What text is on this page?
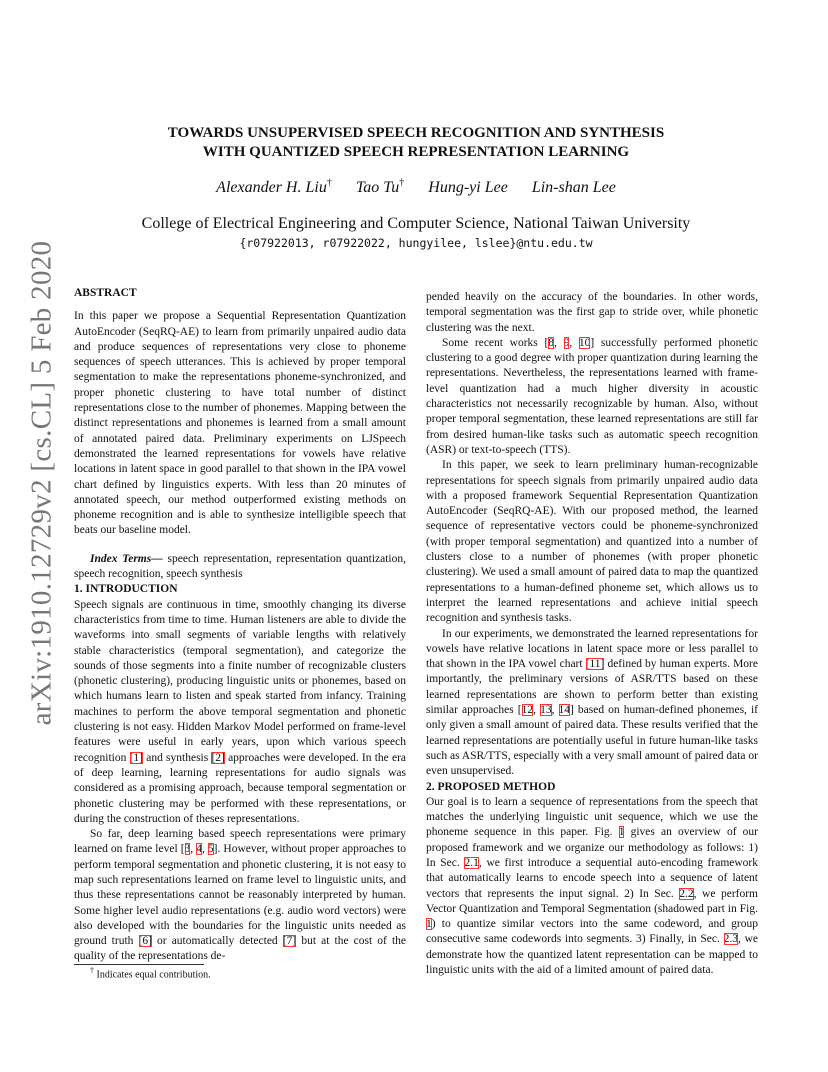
arXiv:1910.12729v2 [cs.CL] 5 Feb 2020
TOWARDS UNSUPERVISED SPEECH RECOGNITION AND SYNTHESIS
WITH QUANTIZED SPEECH REPRESENTATION LEARNING
Alexander H. Liu† Tao Tu† Hung-yi Lee Lin-shan Lee
College of Electrical Engineering and Computer Science, National Taiwan University
{r07922013, r07922022, hungyilee, lslee}@ntu.edu.tw

ABSTRACT

In this paper we propose a Sequential Representation Quantization AutoEncoder (SeqRQ-AE) to learn from primarily unpaired audio data and produce sequences of representations very close to phoneme sequences of speech utterances. This is achieved by proper temporal segmentation to make the representations phoneme-synchronized, and proper phonetic clustering to have total number of distinct representations close to the number of phonemes. Mapping between the distinct representations and phonemes is learned from a small amount of annotated paired data. Preliminary experiments on LJSpeech demonstrated the learned representations for vowels have relative locations in latent space in good parallel to that shown in the IPA vowel chart defined by linguistics experts. With less than 20 minutes of annotated speech, our method outperformed existing methods on phoneme recognition and is able to synthesize intelligible speech that beats our baseline model.

Index Terms— speech representation, representation quantization, speech recognition, speech synthesis

1. INTRODUCTION

Speech signals are continuous in time, smoothly changing its diverse characteristics from time to time. Human listeners are able to divide the waveforms into small segments of variable lengths with relatively stable characteristics (temporal segmentation), and categorize the sounds of those segments into a finite number of recognizable clusters (phonetic clustering), producing linguistic units or phonemes, based on which humans learn to listen and speak started from infancy. Training machines to perform the above temporal segmentation and phonetic clustering is not easy. Hidden Markov Model performed on frame-level features were useful in early years, upon which various speech recognition [1] and synthesis [2] approaches were developed. In the era of deep learning, learning representations for audio signals was considered as a promising approach, because temporal segmentation or phonetic clustering may be performed with these representations, or during the construction of theses representations.

So far, deep learning based speech representations were primary learned on frame level [3, 4, 5]. However, without proper approaches to perform temporal segmentation and phonetic clustering, it is not easy to map such representations learned on frame level to linguistic units, and thus these representations cannot be reasonably interpreted by human. Some higher level audio representations (e.g. audio word vectors) were also developed with the boundaries for the linguistic units needed as ground truth [6] or automatically detected [7] but at the cost of the quality of the representations de-

pended heavily on the accuracy of the boundaries. In other words, temporal segmentation was the first gap to stride over, while phonetic clustering was the next.

Some recent works [8, 9, 10] successfully performed phonetic clustering to a good degree with proper quantization during learning the representations. Nevertheless, the representations learned with frame-level quantization had a much higher diversity in acoustic characteristics not necessarily recognizable by human. Also, without proper temporal segmentation, these learned representations are still far from desired human-like tasks such as automatic speech recognition (ASR) or text-to-speech (TTS).

In this paper, we seek to learn preliminary human-recognizable representations for speech signals from primarily unpaired audio data with a proposed framework Sequential Representation Quantization AutoEncoder (SeqRQ-AE). With our proposed method, the learned sequence of representative vectors could be phoneme-synchronized (with proper temporal segmentation) and quantized into a number of clusters close to a number of phonemes (with proper phonetic clustering). We used a small amount of paired data to map the quantized representations to a human-defined phoneme set, which allows us to interpret the learned representations and achieve initial speech recognition and synthesis tasks.

In our experiments, we demonstrated the learned representations for vowels have relative locations in latent space more or less parallel to that shown in the IPA vowel chart [11] defined by human experts. More importantly, the preliminary versions of ASR/TTS based on these learned representations are shown to perform better than existing similar approaches [12, 13, 14] based on human-defined phonemes, if only given a small amount of paired data. These results verified that the learned representations are potentially useful in future human-like tasks such as ASR/TTS, especially with a very small amount of paired data or even unsupervised.

2. PROPOSED METHOD

Our goal is to learn a sequence of representations from the speech that matches the underlying linguistic unit sequence, which we use the phoneme sequence in this paper. Fig. 1 gives an overview of our proposed framework and we organize our methodology as follows: 1) In Sec. 2.1, we first introduce a sequential auto-encoding framework that automatically learns to encode speech into a sequence of latent vectors that represents the input signal. 2) In Sec. 2.2, we perform Vector Quantization and Temporal Segmentation (shadowed part in Fig. 1) to quantize similar vectors into the same codeword, and group consecutive same codewords into segments. 3) Finally, in Sec. 2.3, we demonstrate how the quantized latent representation can be mapped to linguistic units with the aid of a limited amount of paired data.

† Indicates equal contribution.
